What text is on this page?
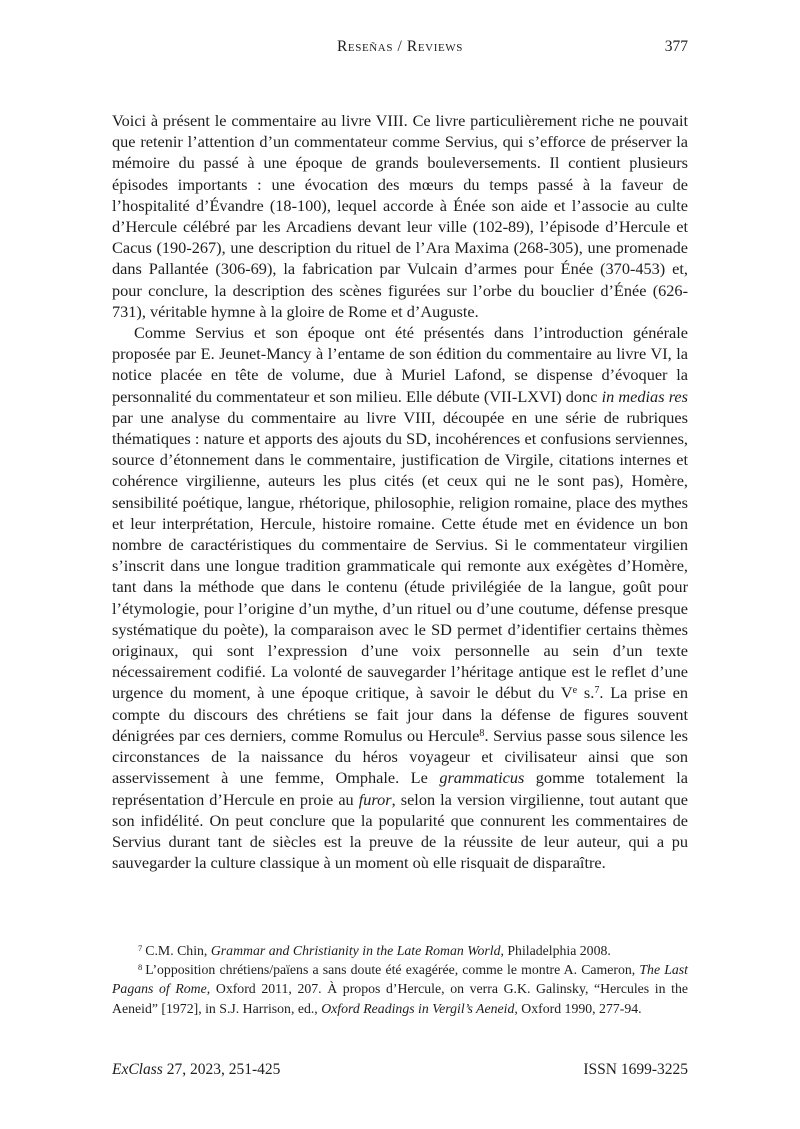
Reseñas / Reviews	377

Voici à présent le commentaire au livre VIII. Ce livre particulièrement riche ne pouvait que retenir l’attention d’un commentateur comme Servius, qui s’efforce de préserver la mémoire du passé à une époque de grands bouleversements. Il contient plusieurs épisodes importants : une évocation des mœurs du temps passé à la faveur de l’hospitalité d’Évandre (18-100), lequel accorde à Énée son aide et l’associe au culte d’Hercule célébré par les Arcadiens devant leur ville (102-89), l’épisode d’Hercule et Cacus (190-267), une description du rituel de l’Ara Maxima (268-305), une promenade dans Pallantée (306-69), la fabrication par Vulcain d’armes pour Énée (370-453) et, pour conclure, la description des scènes figurées sur l’orbe du bouclier d’Énée (626-731), véritable hymne à la gloire de Rome et d’Auguste.

Comme Servius et son époque ont été présentés dans l’introduction générale proposée par E. Jeunet-Mancy à l’entame de son édition du commentaire au livre VI, la notice placée en tête de volume, due à Muriel Lafond, se dispense d’évoquer la personnalité du commentateur et son milieu. Elle débute (VII-LXVI) donc in medias res par une analyse du commentaire au livre VIII, découpée en une série de rubriques thématiques : nature et apports des ajouts du SD, incohérences et confusions serviennes, source d’étonnement dans le commentaire, justification de Virgile, citations internes et cohérence virgilienne, auteurs les plus cités (et ceux qui ne le sont pas), Homère, sensibilité poétique, langue, rhétorique, philosophie, religion romaine, place des mythes et leur interprétation, Hercule, histoire romaine. Cette étude met en évidence un bon nombre de caractéristiques du commentaire de Servius. Si le commentateur virgilien s’inscrit dans une longue tradition grammaticale qui remonte aux exégètes d’Homère, tant dans la méthode que dans le contenu (étude privilégiée de la langue, goût pour l’étymologie, pour l’origine d’un mythe, d’un rituel ou d’une coutume, défense presque systématique du poète), la comparaison avec le SD permet d’identifier certains thèmes originaux, qui sont l’expression d’une voix personnelle au sein d’un texte nécessairement codifié. La volonté de sauvegarder l’héritage antique est le reflet d’une urgence du moment, à une époque critique, à savoir le début du Ve s.$^7$. La prise en compte du discours des chrétiens se fait jour dans la défense de figures souvent dénigrées par ces derniers, comme Romulus ou Hercule$^8$. Servius passe sous silence les circonstances de la naissance du héros voyageur et civilisateur ainsi que son asservissement à une femme, Omphale. Le grammaticus gomme totalement la représentation d’Hercule en proie au furor, selon la version virgilienne, tout autant que son infidélité. On peut conclure que la popularité que connurent les commentaires de Servius durant tant de siècles est la preuve de la réussite de leur auteur, qui a pu sauvegarder la culture classique à un moment où elle risquait de disparaître.

$^7$ C.M. Chin, Grammar and Christianity in the Late Roman World, Philadelphia 2008.

$^8$ L’opposition chrétiens/païens a sans doute été exagérée, comme le montre A. Cameron, The Last Pagans of Rome, Oxford 2011, 207. À propos d’Hercule, on verra G.K. Galinsky, “Hercules in the Aeneid” [1972], in S.J. Harrison, ed., Oxford Readings in Vergil’s Aeneid, Oxford 1990, 277-94.

ExClass 27, 2023, 251-425	ISSN 1699-3225
